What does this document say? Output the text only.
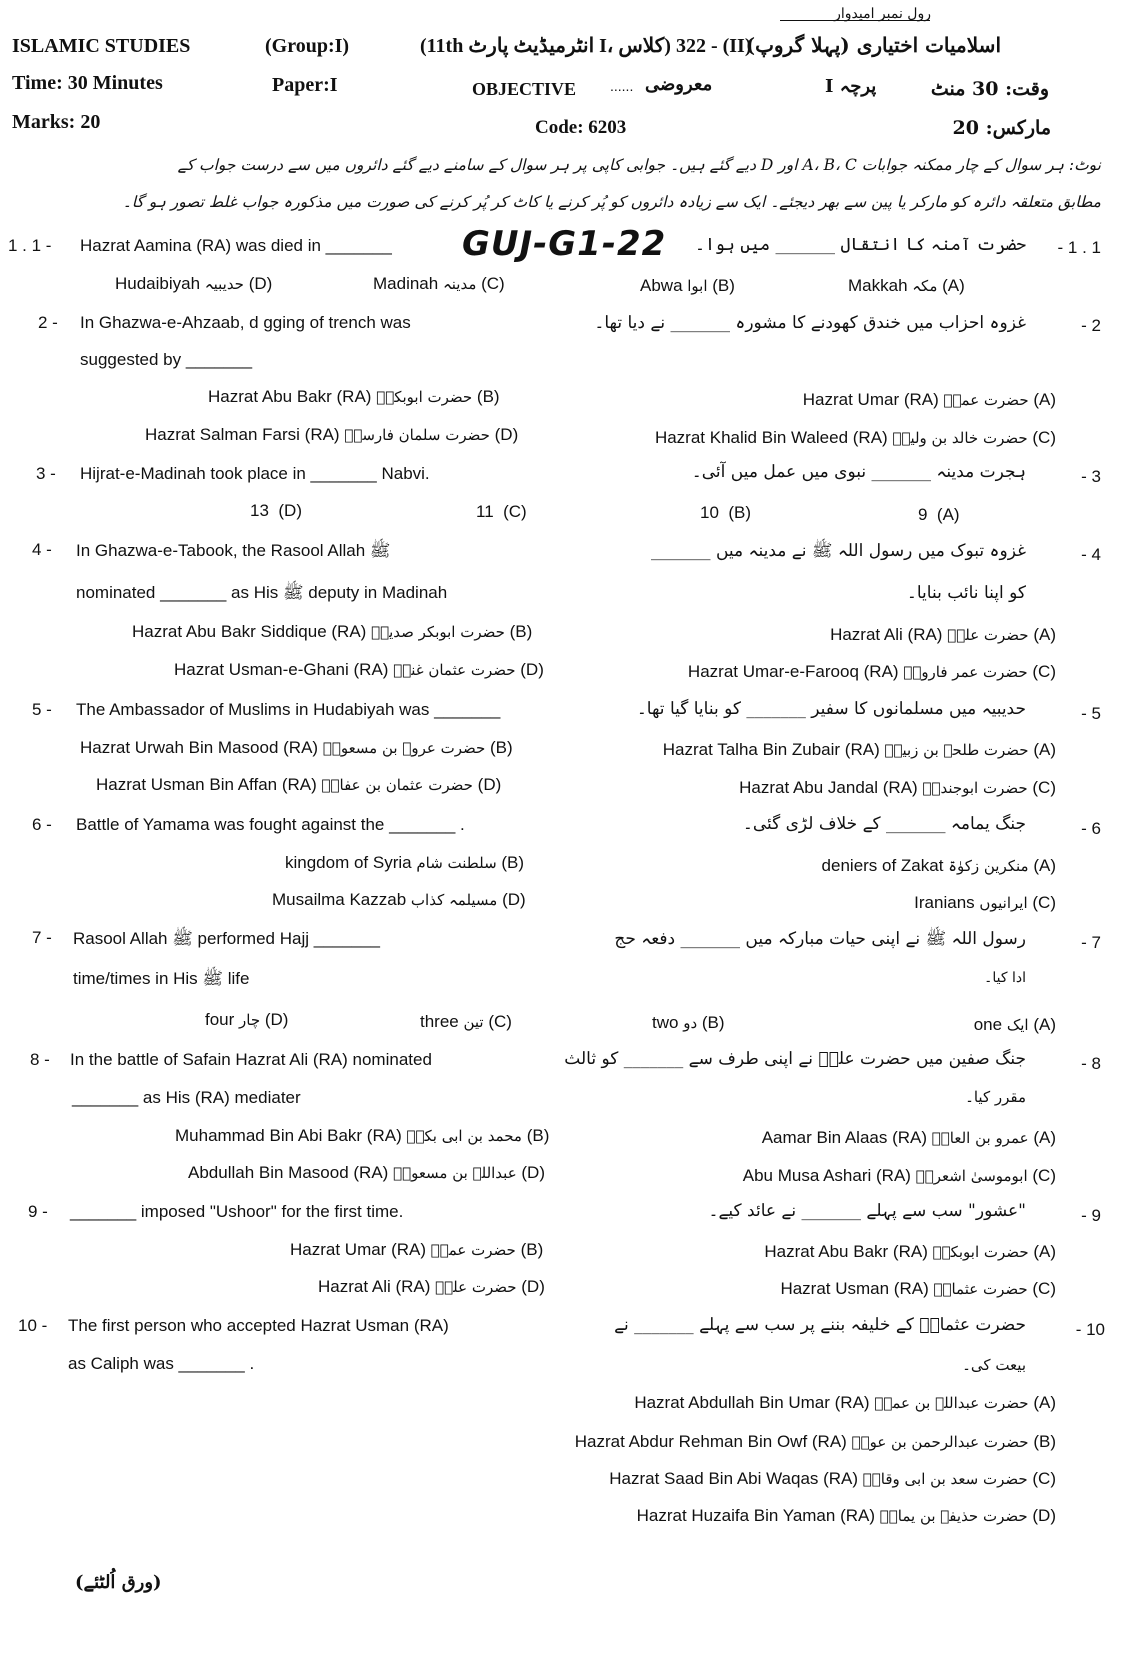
رول نمبر امیدوار
ISLAMIC STUDIES	(Group:I)	(11th انٹرمیڈیٹ پارٹ I، کلاس) 322 - (II)
اسلامیات اختیاری (پہلا گروپ)
Time: 30 Minutes	Paper:I	OBJECTIVE ...... معروضی	پرچہ I	وقت: 30 منٹ
Marks: 20	Code: 6203	مارکس: 20
نوٹ: ہر سوال کے چار ممکنہ جوابات A، B، C اور D دیے گئے ہیں۔ جوابی کاپی پر ہر سوال کے سامنے دیے گئے دائروں میں سے درست جواب کے
مطابق متعلقہ دائرہ کو مارکر یا پین سے بھر دیجئے۔ ایک سے زیادہ دائروں کو پُر کرنے یا کاٹ کر پُر کرنے کی صورت میں مذکورہ جواب غلط تصور ہو گا۔
GUJ-G1-22
1 . 1 - Hazrat Aamina (RA) was died in _______	حضرت آمنہ کا انتقال _______ میں ہوا۔ - 1 . 1
Makkah مکہ (A)
Abwa ابوا (B)
Madinah مدینہ (C)
Hudaibiyah حدیبیہ (D)
2 - In Ghazwa-e-Ahzaab, d gging of trench was
suggested by _______
غزوہ احزاب میں خندق کھودنے کا مشورہ _______ نے دیا تھا۔	- 2
Hazrat Umar (RA) حضرت عمرؓ (A)
Hazrat Abu Bakr (RA) حضرت ابوبکرؓ (B)
Hazrat Khalid Bin Waleed (RA) حضرت خالد بن ولیدؓ (C)
Hazrat Salman Farsi (RA) حضرت سلمان فارسیؓ (D)
3 - Hijrat-e-Madinah took place in _______ Nabvi.	ہجرت مدینہ _______ نبوی میں عمل میں آئی۔	- 3
9 (A)
10 (B)
11 (C)
13 (D)
4 - In Ghazwa-e-Tabook, the Rasool Allah ﷺ
nominated _______ as His ﷺ deputy in Madinah
غزوہ تبوک میں رسول اللہ ﷺ نے مدینہ میں _______
کو اپنا نائب بنایا۔
- 4
Hazrat Ali (RA) حضرت علیؓ (A)
Hazrat Abu Bakr Siddique (RA) حضرت ابوبکر صدیقؓ (B)
Hazrat Umar-e-Farooq (RA) حضرت عمر فاروقؓ (C)
Hazrat Usman-e-Ghani (RA) حضرت عثمان غنیؓ (D)
5 - The Ambassador of Muslims in Hudabiyah was _______	حدیبیہ میں مسلمانوں کا سفیر _______ کو بنایا گیا تھا۔	- 5
Hazrat Talha Bin Zubair (RA) حضرت طلحہ بن زبیرؓ (A)
Hazrat Urwah Bin Masood (RA) حضرت عروہ بن مسعودؓ (B)
Hazrat Abu Jandal (RA) حضرت ابوجندلؓ (C)
Hazrat Usman Bin Affan (RA) حضرت عثمان بن عفانؓ (D)
6 - Battle of Yamama was fought against the _______ .	جنگ یمامہ _______ کے خلاف لڑی گئی۔	- 6
deniers of Zakat منکرین زکوٰۃ (A)
kingdom of Syria سلطنت شام (B)
Iranians ایرانیوں (C)
Musailma Kazzab مسیلمہ کذاب (D)
7 - Rasool Allah ﷺ performed Hajj _______
time/times in His ﷺ life
رسول اللہ ﷺ نے اپنی حیات مبارکہ میں _______ دفعہ حج
ادا کیا۔
- 7
one ایک (A)
two دو (B)
three تین (C)
four چار (D)
8 - In the battle of Safain Hazrat Ali (RA) nominated
_______ as His (RA) mediater
جنگ صفین میں حضرت علیؓ نے اپنی طرف سے _______ کو ثالث
مقرر کیا۔
- 8
Aamar Bin Alaas (RA) عمرو بن العاصؓ (A)
Muhammad Bin Abi Bakr (RA) محمد بن ابی بکرؓ (B)
Abu Musa Ashari (RA) ابوموسیٰ اشعریؓ (C)
Abdullah Bin Masood (RA) عبداللہ بن مسعودؓ (D)
9 - _______ imposed "Ushoor" for the first time.	"عشور" سب سے پہلے _______ نے عائد کیے۔	- 9
Hazrat Abu Bakr (RA) حضرت ابوبکرؓ (A)
Hazrat Umar (RA) حضرت عمرؓ (B)
Hazrat Usman (RA) حضرت عثمانؓ (C)
Hazrat Ali (RA) حضرت علیؓ (D)
10 - The first person who accepted Hazrat Usman (RA)
as Caliph was _______ .
حضرت عثمانؓ کے خلیفہ بننے پر سب سے پہلے _______ نے
بیعت کی۔
- 10
Hazrat Abdullah Bin Umar (RA) حضرت عبداللہ بن عمرؓ (A)
Hazrat Abdur Rehman Bin Owf (RA) حضرت عبدالرحمن بن عوفؓ (B)
Hazrat Saad Bin Abi Waqas (RA) حضرت سعد بن ابی وقاصؓ (C)
Hazrat Huzaifa Bin Yaman (RA) حضرت حذیفہ بن یمانؓ (D)
(ورق اُلٹئے)
